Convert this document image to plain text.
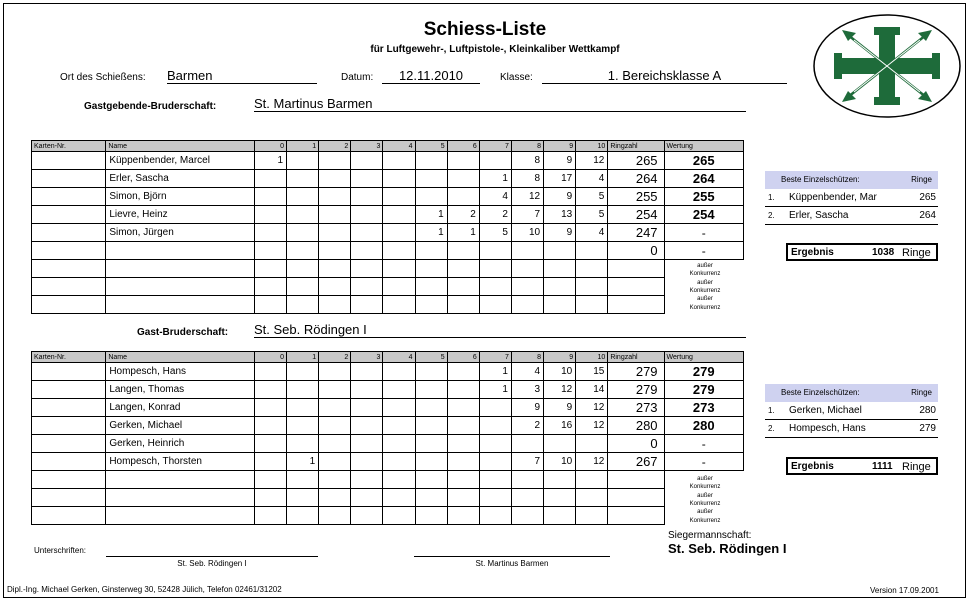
Schiess-Liste
für Luftgewehr-, Luftpistole-, Kleinkaliber Wettkampf
Ort des Schießens: Barmen	Datum:	12.11.2010	Klasse:	1. Bereichsklasse A
Gastgebende-Bruderschaft:	St. Martinus Barmen
Karten-Nr.	Name	0	1	2	3	4	5	6	7	8	9	10	Ringzahl	Wertung
	Küppenbender, Marcel	1								8	9	12	265	265
	Erler, Sascha								1	8	17	4	264	264
	Simon, Björn								4	12	9	5	255	255
	Lievre, Heinz						1	2	2	7	13	5	254	254
	Simon, Jürgen						1	1	5	10	9	4	247	-
													0	-

außer
Konkurrenz
außer
Konkurrenz
außer
Konkurrenz
Beste Einzelschützen:	Ringe
1.	Küppenbender, Mar	265
2.	Erler, Sascha	264
Ergebnis	1038 Ringe
Gast-Bruderschaft: St. Seb. Rödingen I
Karten-Nr.	Name	0	1	2	3	4	5	6	7	8	9	10	Ringzahl	Wertung
	Hompesch, Hans								1	4	10	15	279	279
	Langen, Thomas								1	3	12	14	279	279
	Langen, Konrad									9	9	12	273	273
	Gerken, Michael									2	16	12	280	280
	Gerken, Heinrich												0	-
	Hompesch, Thorsten		1							7	10	12	267	-

außer
Konkurrenz
außer
Konkurrenz
außer
Konkurrenz
Beste Einzelschützen:	Ringe
1.	Gerken, Michael	280
2.	Hompesch, Hans	279
Ergebnis	1111 Ringe
Siegermannschaft:
St. Seb. Rödingen I
Unterschriften:
St. Seb. Rödingen I	St. Martinus Barmen
Dipl.-Ing. Michael Gerken, Ginsterweg 30, 52428 Jülich, Telefon 02461/31202	Version 17.09.2001
